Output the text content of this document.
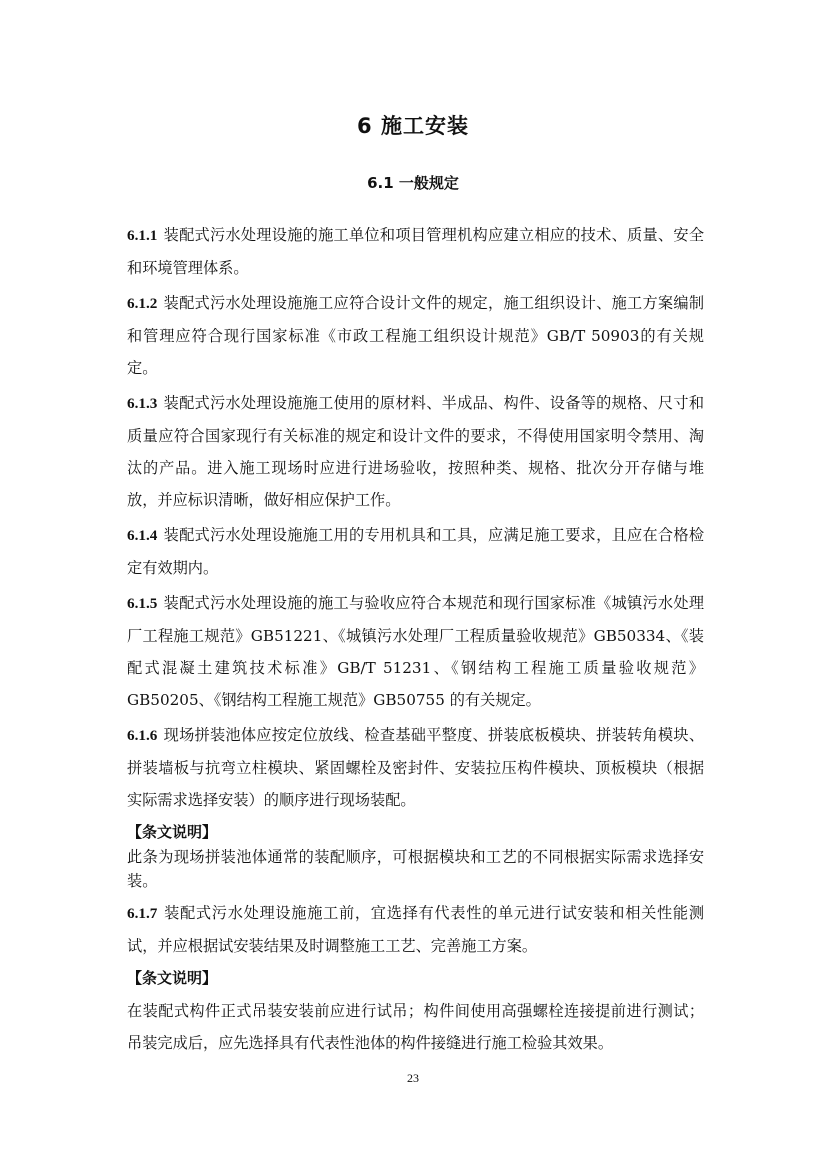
6 施工安装
6.1 一般规定

6.1.1 装配式污水处理设施的施工单位和项目管理机构应建立相应的技术、质量、安全和环境管理体系。

6.1.2 装配式污水处理设施施工应符合设计文件的规定，施工组织设计、施工方案编制和管理应符合现行国家标准《市政工程施工组织设计规范》GB/T 50903的有关规定。

6.1.3 装配式污水处理设施施工使用的原材料、半成品、构件、设备等的规格、尺寸和质量应符合国家现行有关标准的规定和设计文件的要求，不得使用国家明令禁用、淘汰的产品。进入施工现场时应进行进场验收，按照种类、规格、批次分开存储与堆放，并应标识清晰，做好相应保护工作。

6.1.4 装配式污水处理设施施工用的专用机具和工具，应满足施工要求，且应在合格检定有效期内。

6.1.5 装配式污水处理设施的施工与验收应符合本规范和现行国家标准《城镇污水处理厂工程施工规范》GB51221、《城镇污水处理厂工程质量验收规范》GB50334、《装配式混凝土建筑技术标准》GB/T 51231、《钢结构工程施工质量验收规范》GB50205、《钢结构工程施工规范》GB50755 的有关规定。

6.1.6 现场拼装池体应按定位放线、检查基础平整度、拼装底板模块、拼装转角模块、拼装墙板与抗弯立柱模块、紧固螺栓及密封件、安装拉压构件模块、顶板模块（根据实际需求选择安装）的顺序进行现场装配。

【条文说明】

此条为现场拼装池体通常的装配顺序，可根据模块和工艺的不同根据实际需求选择安装。

6.1.7 装配式污水处理设施施工前，宜选择有代表性的单元进行试安装和相关性能测试，并应根据试安装结果及时调整施工工艺、完善施工方案。

【条文说明】

在装配式构件正式吊装安装前应进行试吊；构件间使用高强螺栓连接提前进行测试；吊装完成后，应先选择具有代表性池体的构件接缝进行施工检验其效果。

23
